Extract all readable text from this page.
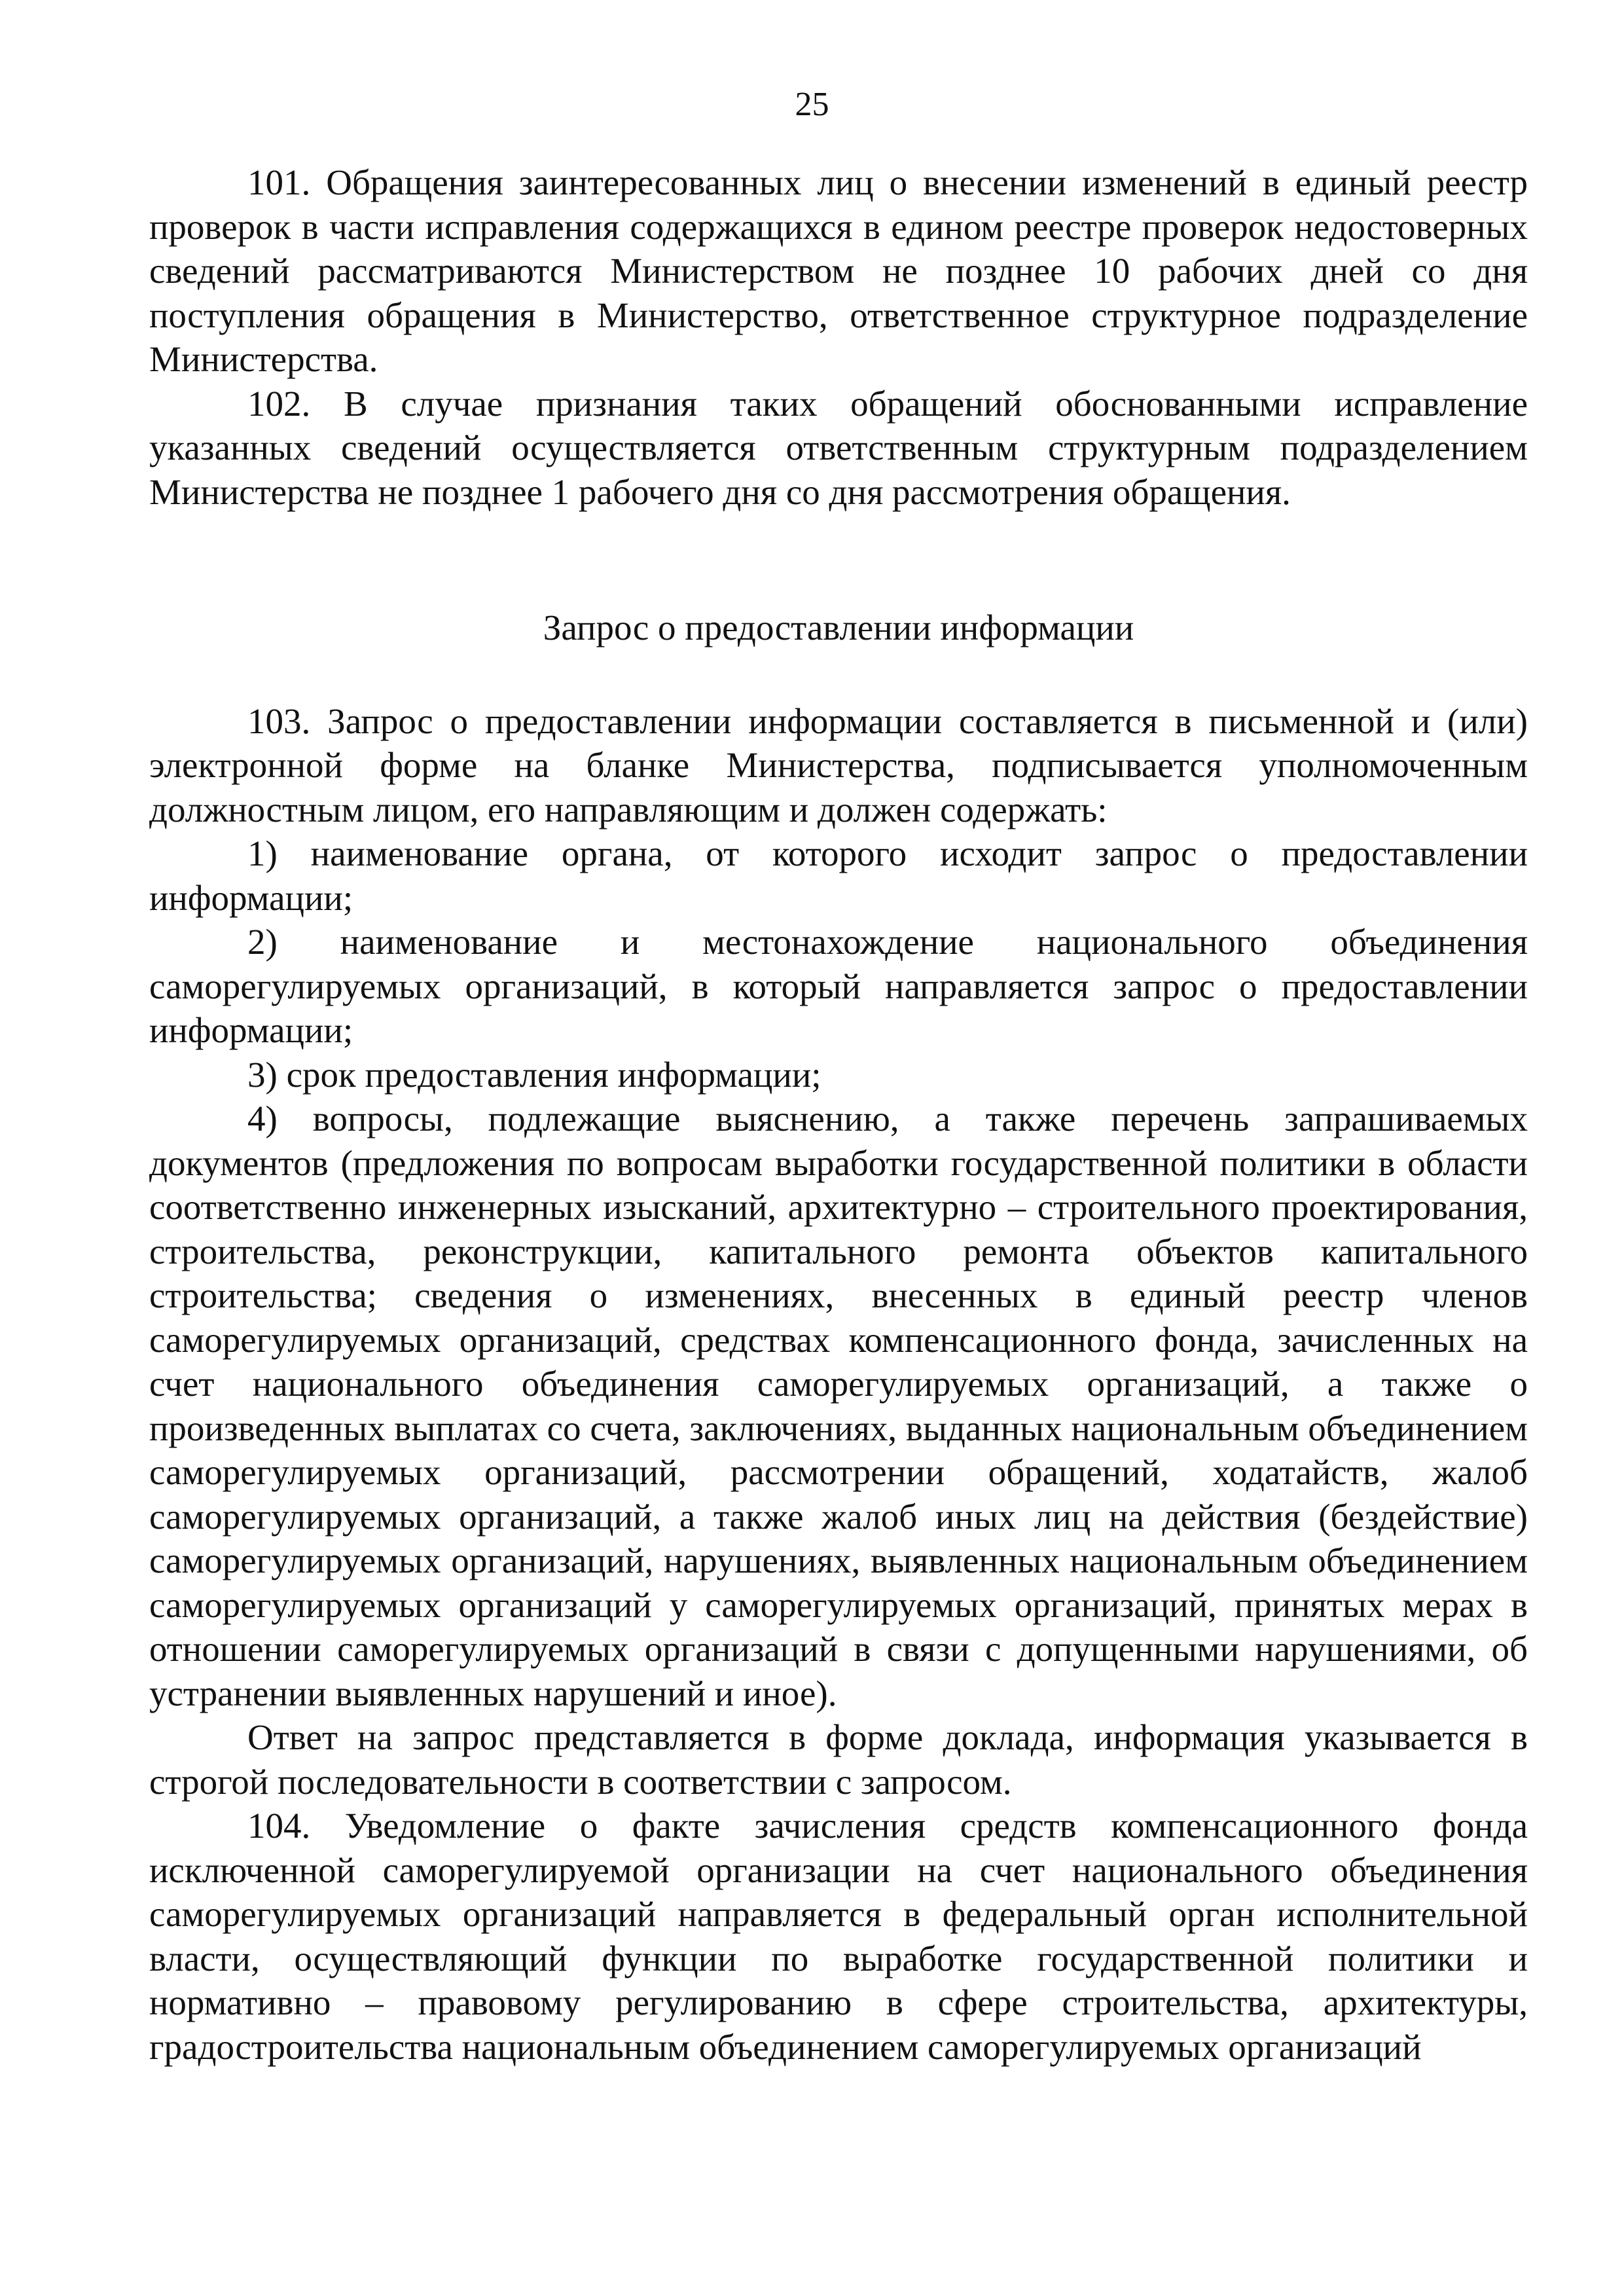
25

101. Обращения заинтересованных лиц о внесении изменений в единый реестр проверок в части исправления содержащихся в едином реестре проверок недостоверных сведений рассматриваются Министерством не позднее 10 рабочих дней со дня поступления обращения в Министерство, ответственное структурное подразделение Министерства.

102. В случае признания таких обращений обоснованными исправление указанных сведений осуществляется ответственным структурным подразделением Министерства не позднее 1 рабочего дня со дня рассмотрения обращения.

Запрос о предоставлении информации

103. Запрос о предоставлении информации составляется в письменной и (или) электронной форме на бланке Министерства, подписывается уполномоченным должностным лицом, его направляющим и должен содержать:

1) наименование органа, от которого исходит запрос о предоставлении информации;

2) наименование и местонахождение национального объединения саморегулируемых организаций, в который направляется запрос о предоставлении информации;

3) срок предоставления информации;

4) вопросы, подлежащие выяснению, а также перечень запрашиваемых документов (предложения по вопросам выработки государственной политики в области соответственно инженерных изысканий, архитектурно – строительного проектирования, строительства, реконструкции, капитального ремонта объектов капитального строительства; сведения о изменениях, внесенных в единый реестр членов саморегулируемых организаций, средствах компенсационного фонда, зачисленных на счет национального объединения саморегулируемых организаций, а также о произведенных выплатах со счета, заключениях, выданных национальным объединением саморегулируемых организаций, рассмотрении обращений, ходатайств, жалоб саморегулируемых организаций, а также жалоб иных лиц на действия (бездействие) саморегулируемых организаций, нарушениях, выявленных национальным объединением саморегулируемых организаций у саморегулируемых организаций, принятых мерах в отношении саморегулируемых организаций в связи с допущенными нарушениями, об устранении выявленных нарушений и иное).

Ответ на запрос представляется в форме доклада, информация указывается в строгой последовательности в соответствии с запросом.

104. Уведомление о факте зачисления средств компенсационного фонда исключенной саморегулируемой организации на счет национального объединения саморегулируемых организаций направляется в федеральный орган исполнительной власти, осуществляющий функции по выработке государственной политики и нормативно – правовому регулированию в сфере строительства, архитектуры, градостроительства национальным объединением саморегулируемых организаций
